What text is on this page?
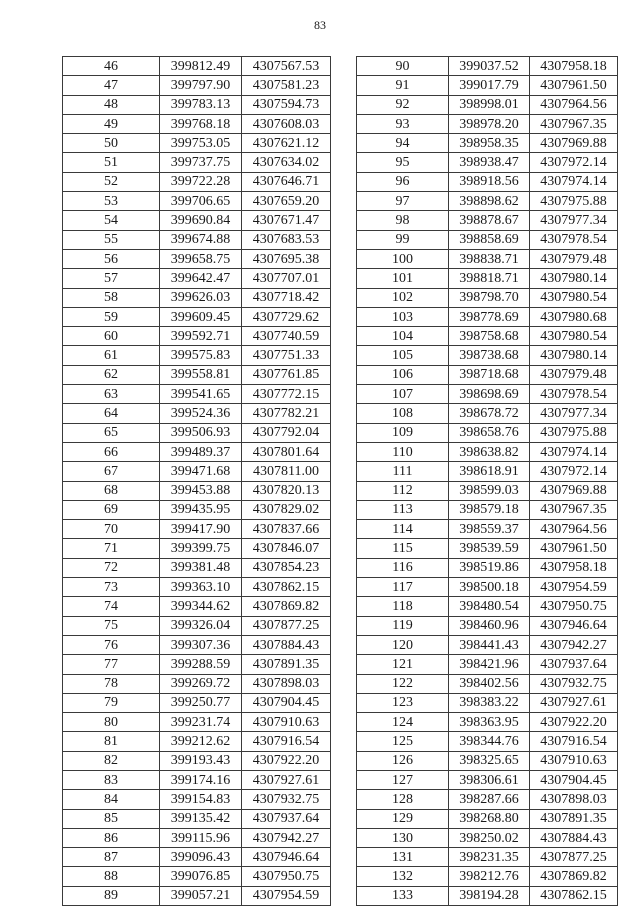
83
46	399812.49	4307567.53
47	399797.90	4307581.23
48	399783.13	4307594.73
49	399768.18	4307608.03
50	399753.05	4307621.12
51	399737.75	4307634.02
52	399722.28	4307646.71
53	399706.65	4307659.20
54	399690.84	4307671.47
55	399674.88	4307683.53
56	399658.75	4307695.38
57	399642.47	4307707.01
58	399626.03	4307718.42
59	399609.45	4307729.62
60	399592.71	4307740.59
61	399575.83	4307751.33
62	399558.81	4307761.85
63	399541.65	4307772.15
64	399524.36	4307782.21
65	399506.93	4307792.04
66	399489.37	4307801.64
67	399471.68	4307811.00
68	399453.88	4307820.13
69	399435.95	4307829.02
70	399417.90	4307837.66
71	399399.75	4307846.07
72	399381.48	4307854.23
73	399363.10	4307862.15
74	399344.62	4307869.82
75	399326.04	4307877.25
76	399307.36	4307884.43
77	399288.59	4307891.35
78	399269.72	4307898.03
79	399250.77	4307904.45
80	399231.74	4307910.63
81	399212.62	4307916.54
82	399193.43	4307922.20
83	399174.16	4307927.61
84	399154.83	4307932.75
85	399135.42	4307937.64
86	399115.96	4307942.27
87	399096.43	4307946.64
88	399076.85	4307950.75
89	399057.21	4307954.59
90	399037.52	4307958.18
91	399017.79	4307961.50
92	398998.01	4307964.56
93	398978.20	4307967.35
94	398958.35	4307969.88
95	398938.47	4307972.14
96	398918.56	4307974.14
97	398898.62	4307975.88
98	398878.67	4307977.34
99	398858.69	4307978.54
100	398838.71	4307979.48
101	398818.71	4307980.14
102	398798.70	4307980.54
103	398778.69	4307980.68
104	398758.68	4307980.54
105	398738.68	4307980.14
106	398718.68	4307979.48
107	398698.69	4307978.54
108	398678.72	4307977.34
109	398658.76	4307975.88
110	398638.82	4307974.14
111	398618.91	4307972.14
112	398599.03	4307969.88
113	398579.18	4307967.35
114	398559.37	4307964.56
115	398539.59	4307961.50
116	398519.86	4307958.18
117	398500.18	4307954.59
118	398480.54	4307950.75
119	398460.96	4307946.64
120	398441.43	4307942.27
121	398421.96	4307937.64
122	398402.56	4307932.75
123	398383.22	4307927.61
124	398363.95	4307922.20
125	398344.76	4307916.54
126	398325.65	4307910.63
127	398306.61	4307904.45
128	398287.66	4307898.03
129	398268.80	4307891.35
130	398250.02	4307884.43
131	398231.35	4307877.25
132	398212.76	4307869.82
133	398194.28	4307862.15
